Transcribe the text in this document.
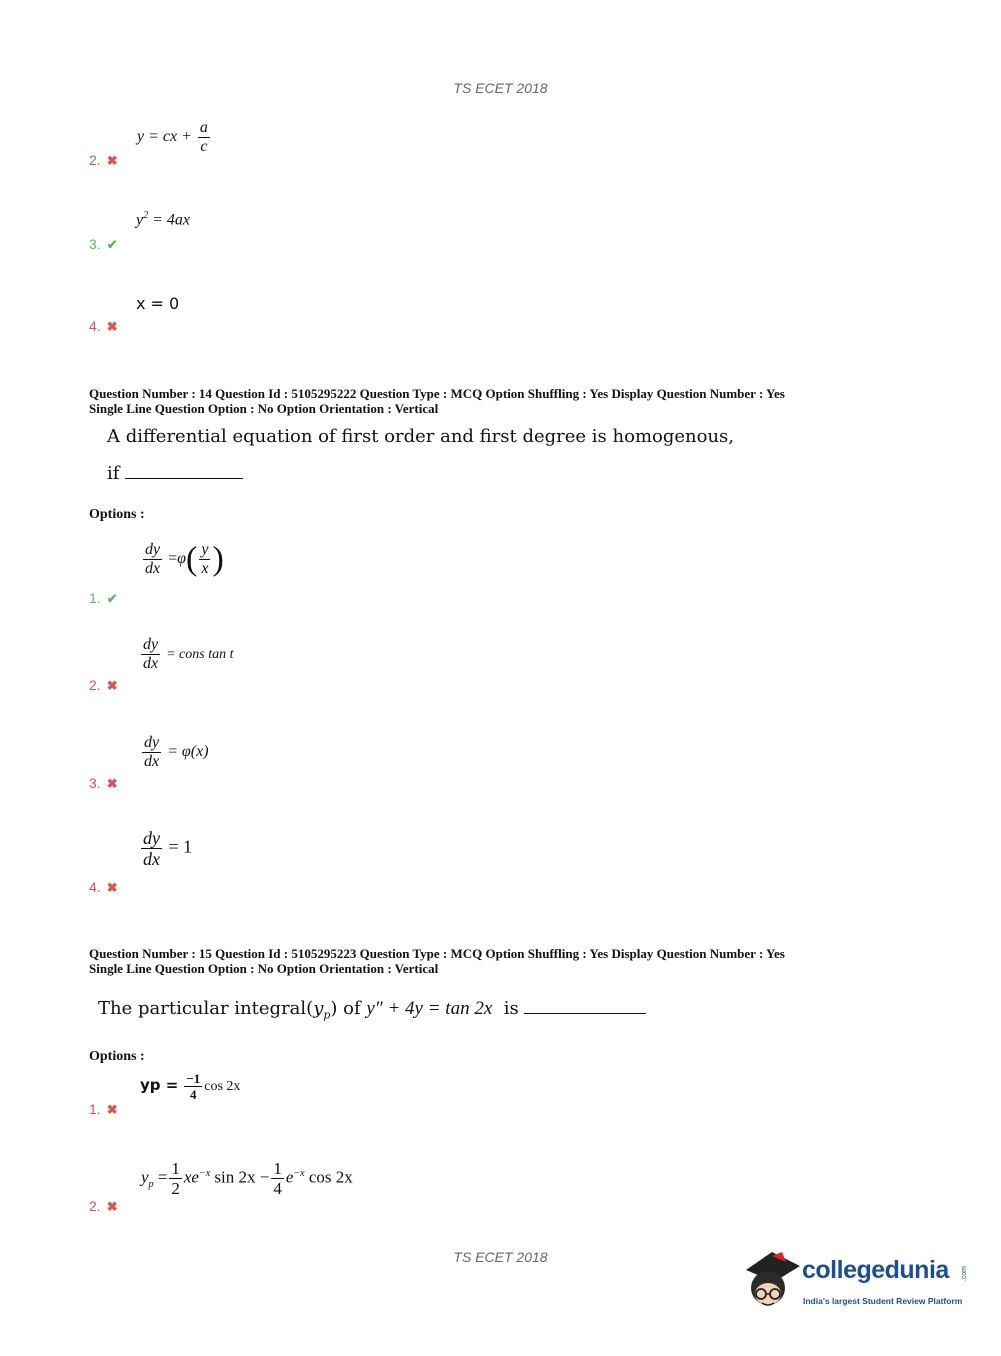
TS ECET 2018
TS ECET 2018
y = cx + $\frac{a}{c}$
2. ✖
$y^2 = 4ax$
3. ✔
x = 0
4. ✖
Question Number : 14 Question Id : 5105295222 Question Type : MCQ Option Shuffling : Yes Display Question Number : Yes
Single Line Question Option : No Option Orientation : Vertical
A differential equation of first order and first degree is homogenous,
if
Options :
$\frac{dy}{dx} =\varphi( \frac{y}{x}$ )
1. ✔
$\frac{dy}{dx}$ = cons tan t
2. ✖
$\frac{dy}{dx} = \varphi(x)$
3. ✖
$\frac{dy}{dx} = 1$
4. ✖
Question Number : 15 Question Id : 5105295223 Question Type : MCQ Option Shuffling : Yes Display Question Number : Yes
Single Line Question Option : No Option Orientation : Vertical
The particular $integral(y_p)$ of y″ + 4y = tan 2x is
Options :
yp = $\frac{-1}{4}$ cos 2x
1. ✖
$y_p = \frac{1}{2} xe^{-x}$ $\sin 2x - \frac{1}{4} e^{-x}$ cos 2x
2. ✖
collegedunia .com
India's largest Student Review Platform
